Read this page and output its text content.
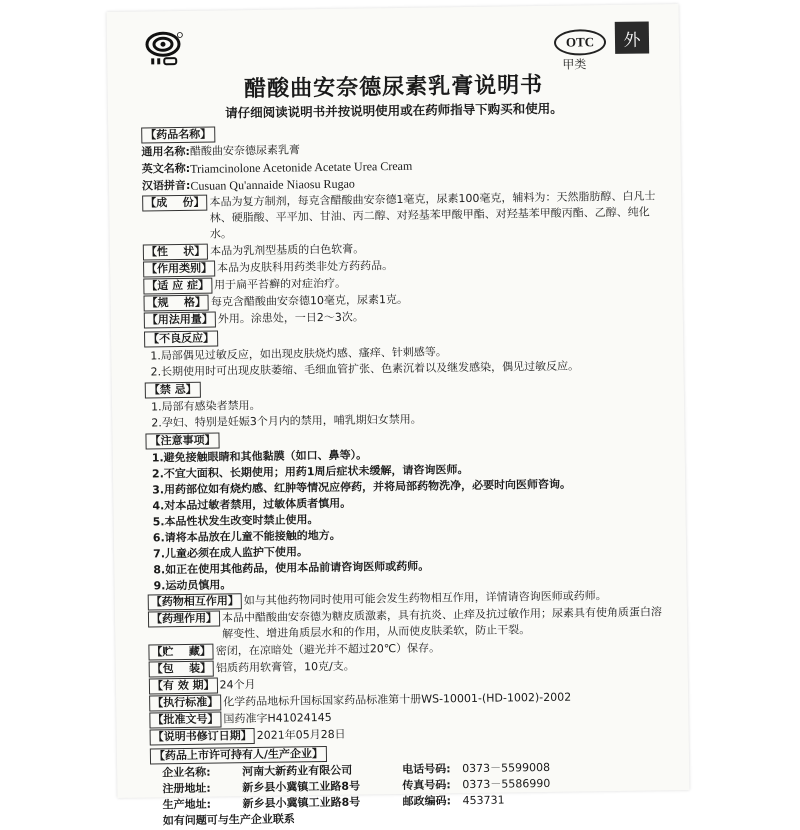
OTC	外
甲类
醋酸曲安奈德尿素乳膏说明书
请仔细阅读说明书并按说明使用或在药师指导下购买和使用。
【药品名称】
通用名称: 醋酸曲安奈德尿素乳膏
英文名称: Triamcinolone Acetonide Acetate Urea Cream
汉语拼音: Cusuan Qu'annaide Niaosu Rugao
【成    份】 本品为复方制剂，每克含醋酸曲安奈德1毫克，尿素100毫克，辅料为：天然脂肪醇、白凡士林、硬脂酸、平平加、甘油、丙二醇、对羟基苯甲酸甲酯、对羟基苯甲酸丙酯、乙醇、纯化水。
【性    状】 本品为乳剂型基质的白色软膏。
【作用类别】 本品为皮肤科用药类非处方药药品。
【适 应 症】 用于扁平苔癣的对症治疗。
【规    格】 每克含醋酸曲安奈德10毫克，尿素1克。
【用法用量】 外用。涂患处，一日2～3次。
【不良反应】
1.局部偶见过敏反应，如出现皮肤烧灼感、瘙痒、针刺感等。
2.长期使用时可出现皮肤萎缩、毛细血管扩张、色素沉着以及继发感染，偶见过敏反应。
【禁 忌】
1.局部有感染者禁用。
2.孕妇、特别是妊娠3个月内的禁用，哺乳期妇女禁用。
【注意事项】
1.避免接触眼睛和其他黏膜（如口、鼻等）。
2.不宜大面积、长期使用；用药1周后症状未缓解，请咨询医师。
3.用药部位如有烧灼感、红肿等情况应停药，并将局部药物洗净，必要时向医师咨询。
4.对本品过敏者禁用，过敏体质者慎用。
5.本品性状发生改变时禁止使用。
6.请将本品放在儿童不能接触的地方。
7.儿童必须在成人监护下使用。
8.如正在使用其他药品，使用本品前请咨询医师或药师。
9.运动员慎用。
【药物相互作用】 如与其他药物同时使用可能会发生药物相互作用，详情请咨询医师或药师。
【药理作用】 本品中醋酸曲安奈德为糖皮质激素，具有抗炎、止痒及抗过敏作用；尿素具有使角质蛋白溶解变性、增进角质层水和的作用，从而使皮肤柔软，防止干裂。
【贮    藏】 密闭，在凉暗处（避光并不超过20℃）保存。
【包    装】 铝质药用软膏管，10克/支。
【有 效 期】 24个月
【执行标准】 化学药品地标升国标国家药品标准第十册WS-10001-(HD-1002)-2002
【批准文号】 国药准字H41024145
【说明书修订日期】 2021年05月28日
【药品上市许可持有人/生产企业】
企业名称:	河南大新药业有限公司	电话号码:	0373－5599008
注册地址:	新乡县小冀镇工业路8号	传真号码:	0373－5586990
生产地址:	新乡县小冀镇工业路8号	邮政编码:	453731
如有问题可与生产企业联系
